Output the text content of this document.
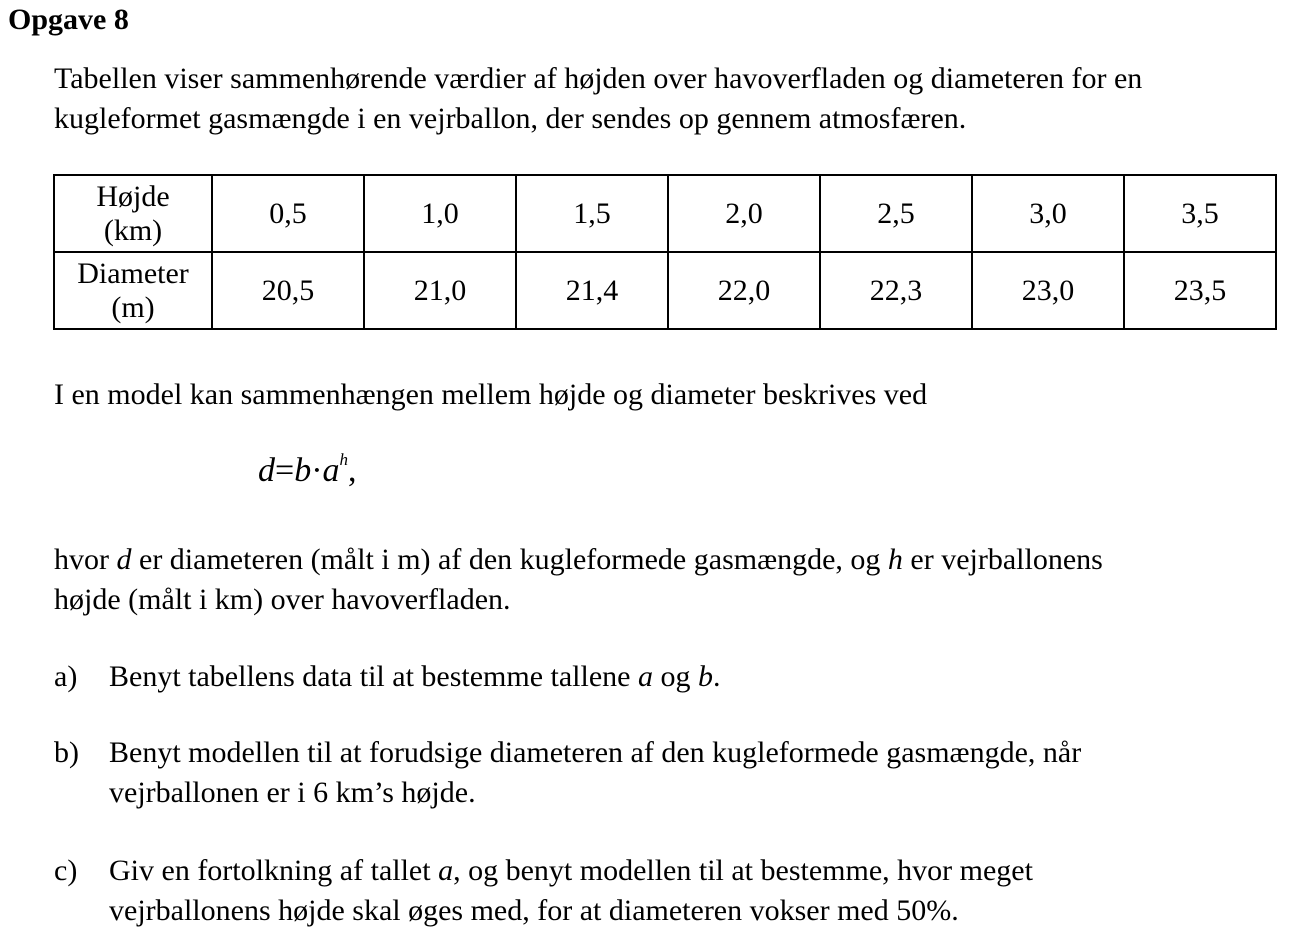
Opgave 8
Tabellen viser sammenhørende værdier af højden over havoverfladen og diameteren for en
kugleformet gasmængde i en vejrballon, der sendes op gennem atmosfæren.
Højde
(km)	0,5	1,0	1,5	2,0	2,5	3,0	3,5

Diameter
(m)	20,5	21,0	21,4	22,0	22,3	23,0	23,5
I en model kan sammenhængen mellem højde og diameter beskrives ved
$d=b\cdot a^h$,
hvor d er diameteren (målt i m) af den kugleformede gasmængde, og h er vejrballonens
højde (målt i km) over havoverfladen.
a) Benyt tabellens data til at bestemme tallene a og b.
b) Benyt modellen til at forudsige diameteren af den kugleformede gasmængde, når
vejrballonen er i 6 km’s højde.
c) Giv en fortolkning af tallet a, og benyt modellen til at bestemme, hvor meget
vejrballonens højde skal øges med, for at diameteren vokser med 50%.
